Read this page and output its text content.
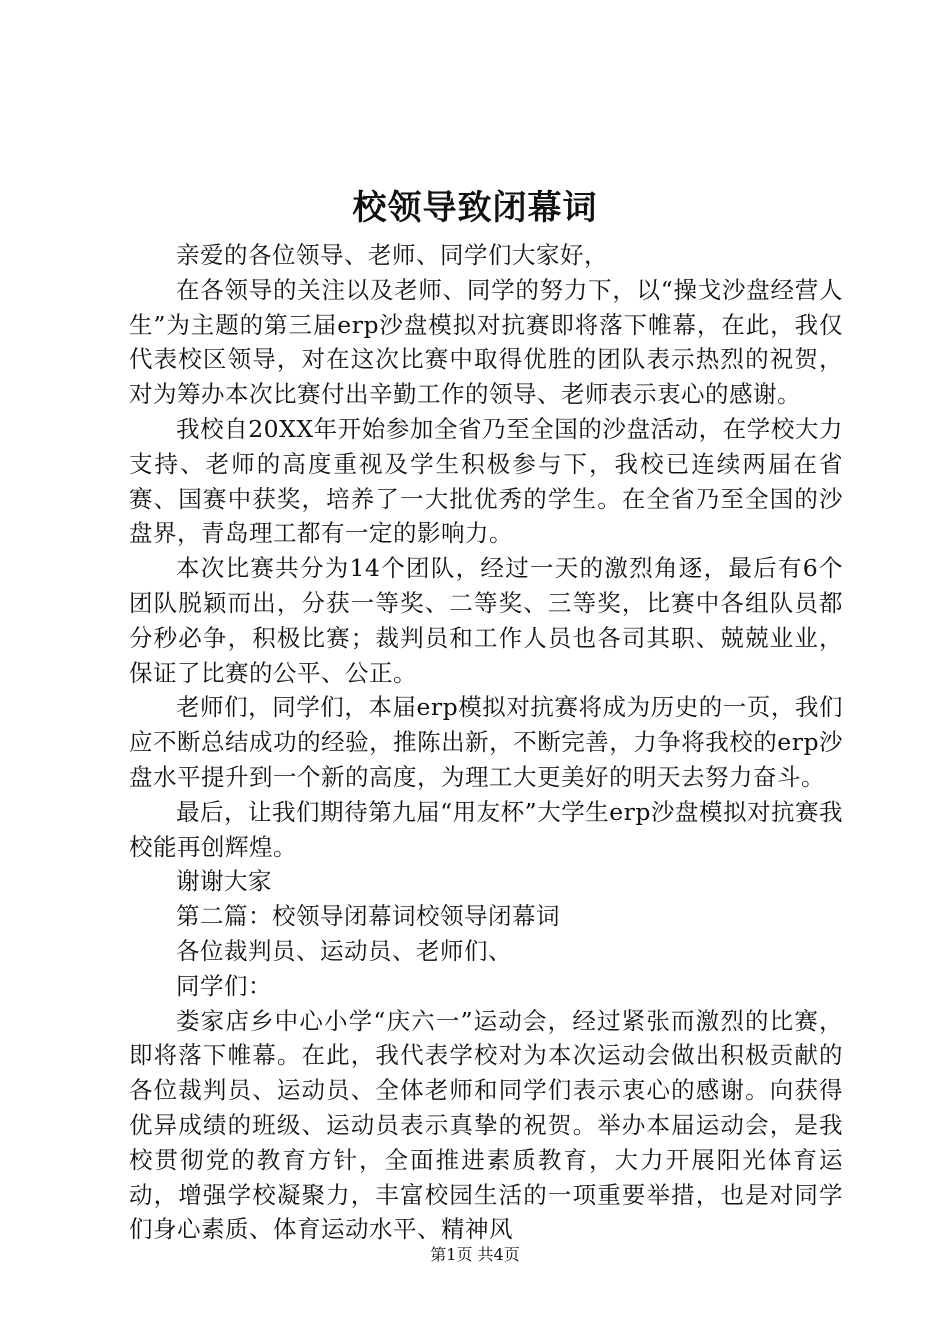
校领导致闭幕词

亲爱的各位领导、老师、同学们大家好，

在各领导的关注以及老师、同学的努力下，以“操戈沙盘经营人生”为主题的第三届erp沙盘模拟对抗赛即将落下帷幕，在此，我仅代表校区领导，对在这次比赛中取得优胜的团队表示热烈的祝贺，对为筹办本次比赛付出辛勤工作的领导、老师表示衷心的感谢。

我校自20XX年开始参加全省乃至全国的沙盘活动，在学校大力支持、老师的高度重视及学生积极参与下，我校已连续两届在省赛、国赛中获奖，培养了一大批优秀的学生。在全省乃至全国的沙盘界，青岛理工都有一定的影响力。

本次比赛共分为14个团队，经过一天的激烈角逐，最后有6个团队脱颖而出，分获一等奖、二等奖、三等奖，比赛中各组队员都分秒必争，积极比赛；裁判员和工作人员也各司其职、兢兢业业，保证了比赛的公平、公正。

老师们，同学们，本届erp模拟对抗赛将成为历史的一页，我们应不断总结成功的经验，推陈出新，不断完善，力争将我校的erp沙盘水平提升到一个新的高度，为理工大更美好的明天去努力奋斗。

最后，让我们期待第九届“用友杯”大学生erp沙盘模拟对抗赛我校能再创辉煌。

谢谢大家

第二篇：校领导闭幕词校领导闭幕词

各位裁判员、运动员、老师们、

同学们：

娄家店乡中心小学“庆六一”运动会，经过紧张而激烈的比赛，即将落下帷幕。在此，我代表学校对为本次运动会做出积极贡献的各位裁判员、运动员、全体老师和同学们表示衷心的感谢。向获得优异成绩的班级、运动员表示真挚的祝贺。举办本届运动会，是我校贯彻党的教育方针，全面推进素质教育，大力开展阳光体育运动，增强学校凝聚力，丰富校园生活的一项重要举措，也是对同学们身心素质、体育运动水平、精神风

第1页 共4页
